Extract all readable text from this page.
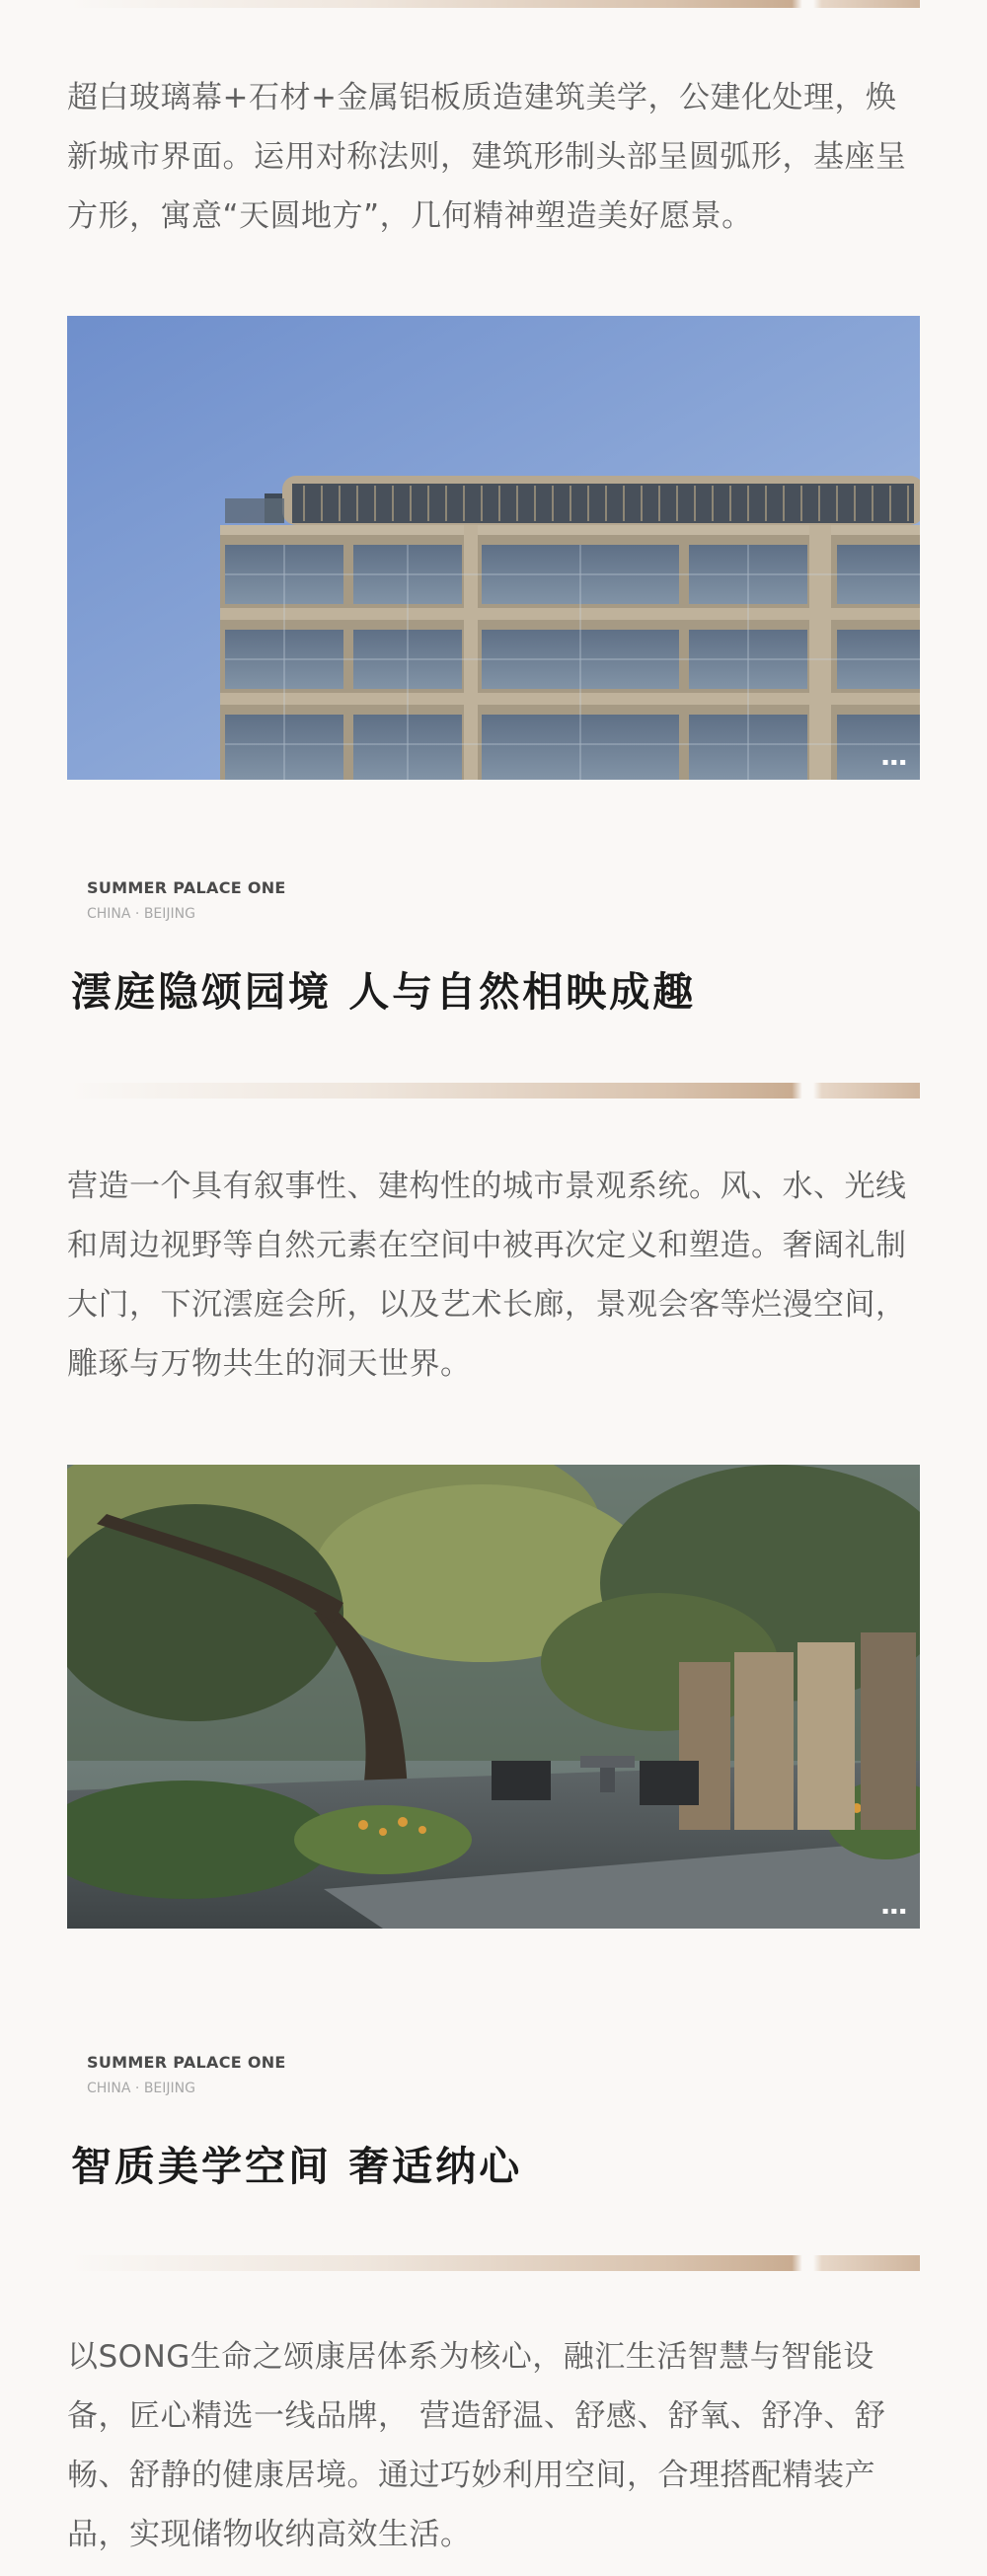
超白玻璃幕+石材+金属铝板质造建筑美学，公建化处理，焕新城市界面。运用对称法则，建筑形制头部呈圆弧形，基座呈方形，寓意“天圆地方”，几何精神塑造美好愿景。

▪▪▪
SUMMER PALACE ONE
CHINA · BEIJING
澐庭隐颂园境 人与自然相映成趣

营造一个具有叙事性、建构性的城市景观系统。风、水、光线和周边视野等自然元素在空间中被再次定义和塑造。奢阔礼制大门，下沉澐庭会所，以及艺术长廊，景观会客等烂漫空间，雕琢与万物共生的洞天世界。

▪▪▪
SUMMER PALACE ONE
CHINA · BEIJING
智质美学空间 奢适纳心

以SONG生命之颂康居体系为核心，融汇生活智慧与智能设备，匠心精选一线品牌， 营造舒温、舒感、舒氧、舒净、舒畅、舒静的健康居境。通过巧妙利用空间，合理搭配精装产品，实现储物收纳高效生活。
